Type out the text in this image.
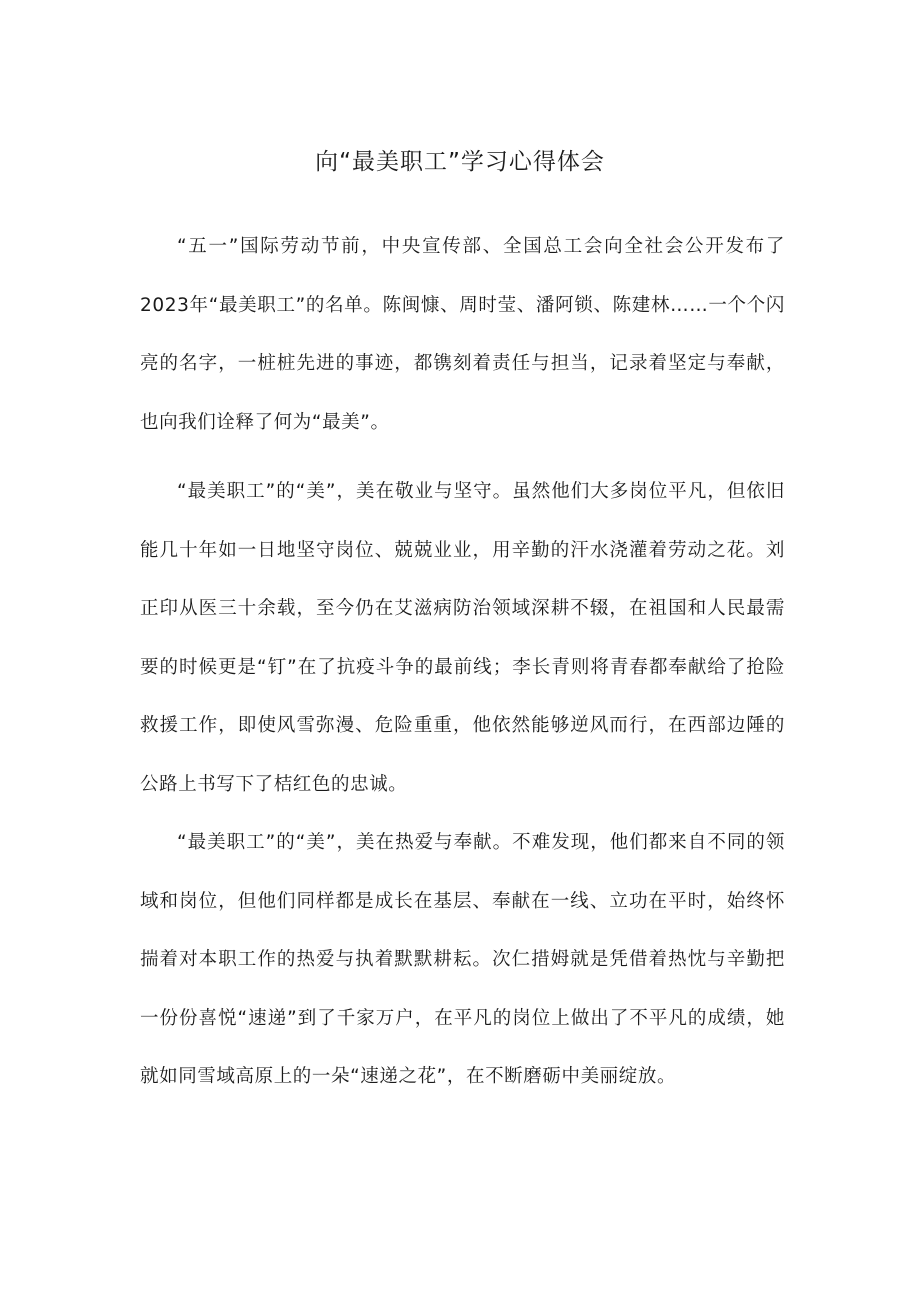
向“最美职工”学习心得体会

“五一”国际劳动节前，中央宣传部、全国总工会向全社会公开发布了2023年“最美职工”的名单。陈闽慷、周时莹、潘阿锁、陈建林……一个个闪亮的名字，一桩桩先进的事迹，都镌刻着责任与担当，记录着坚定与奉献，也向我们诠释了何为“最美”。

“最美职工”的“美”，美在敬业与坚守。虽然他们大多岗位平凡，但依旧能几十年如一日地坚守岗位、兢兢业业，用辛勤的汗水浇灌着劳动之花。刘正印从医三十余载，至今仍在艾滋病防治领域深耕不辍，在祖国和人民最需要的时候更是“钉”在了抗疫斗争的最前线；李长青则将青春都奉献给了抢险救援工作，即使风雪弥漫、危险重重，他依然能够逆风而行，在西部边陲的公路上书写下了桔红色的忠诚。

“最美职工”的“美”，美在热爱与奉献。不难发现，他们都来自不同的领域和岗位，但他们同样都是成长在基层、奉献在一线、立功在平时，始终怀揣着对本职工作的热爱与执着默默耕耘。次仁措姆就是凭借着热忱与辛勤把一份份喜悦“速递”到了千家万户，在平凡的岗位上做出了不平凡的成绩，她就如同雪域高原上的一朵“速递之花”，在不断磨砺中美丽绽放。
